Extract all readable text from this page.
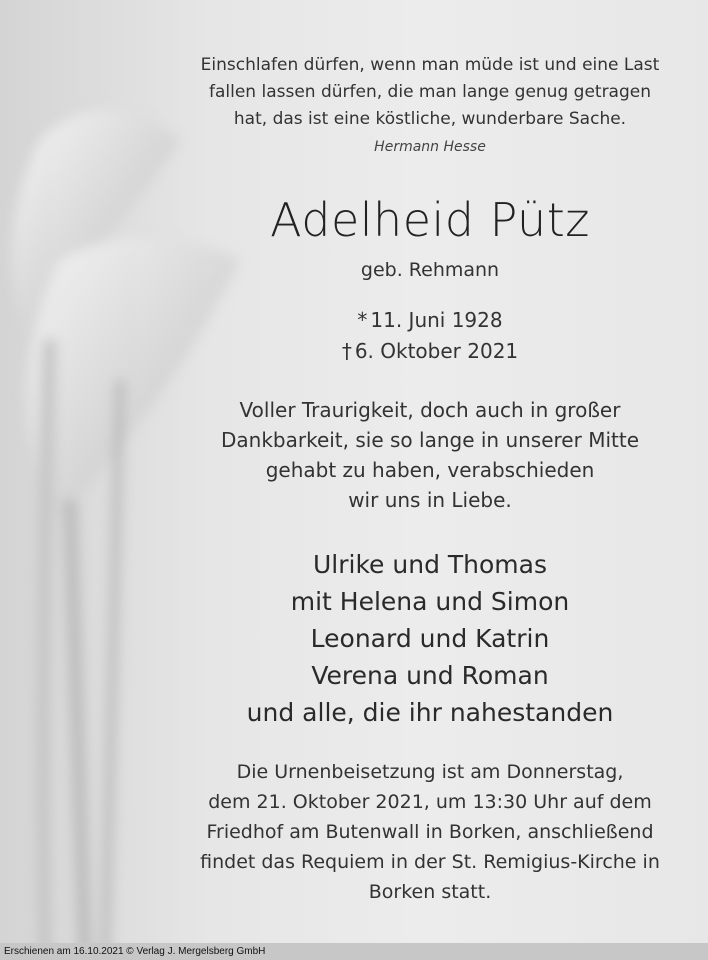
Einschlafen dürfen, wenn man müde ist und eine Last
fallen lassen dürfen, die man lange genug getragen
hat, das ist eine köstliche, wunderbare Sache.
Hermann Hesse
Adelheid Pütz
geb. Rehmann
* 11. Juni 1928
† 6. Oktober 2021
Voller Traurigkeit, doch auch in großer
Dankbarkeit, sie so lange in unserer Mitte
gehabt zu haben, verabschieden
wir uns in Liebe.
Ulrike und Thomas
mit Helena und Simon
Leonard und Katrin
Verena und Roman
und alle, die ihr nahestanden
Die Urnenbeisetzung ist am Donnerstag,
dem 21. Oktober 2021, um 13:30 Uhr auf dem
Friedhof am Butenwall in Borken, anschließend
findet das Requiem in der St. Remigius-Kirche in
Borken statt.
Erschienen am 16.10.2021 © Verlag J. Mergelsberg GmbH
